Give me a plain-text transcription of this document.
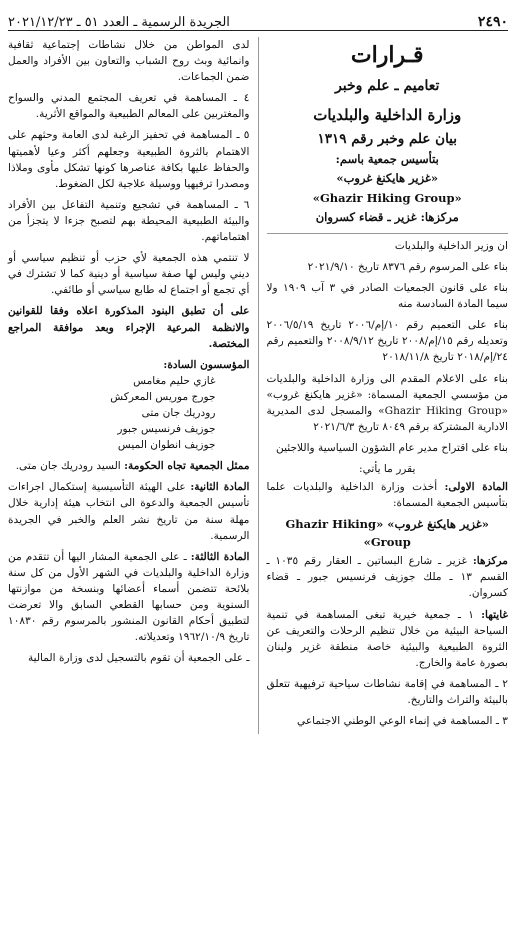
٢٤٩٠
الجريدة الرسمية ـ العدد ٥١ ـ ٢٠٢١/١٢/٢٣
قـرارات
تعاميم ـ علم وخبر
وزارة الداخلية والبلديات
بيان علم وخبر رقم ١٣١٩
بتأسيس جمعية باسم:
«غزير هايكنغ غروب»
«Ghazir Hiking Group»
مركزها: غزير ـ قضاء كسروان

ان وزير الداخلية والبلديات

بناء على المرسوم رقم ٨٣٧٦ تاريخ ٢٠٢١/٩/١٠

بناء على قانون الجمعيات الصادر في ٣ آب ١٩٠٩ ولا سيما المادة السادسة منه

بناء على التعميم رقم ١٠/إم/٢٠٠٦ تاريخ ٢٠٠٦/٥/١٩ وتعديله رقم ١٥/إم/٢٠٠٨ تاريخ ٢٠٠٨/٩/١٢ والتعميم رقم ٢٤/إم/٢٠١٨ تاريخ ٢٠١٨/١١/٨

بناء على الاعلام المقدم الى وزارة الداخلية والبلديات من مؤسسي الجمعية المسماة: «غزير هايكنغ غروب» «Ghazir Hiking Group» والمسجل لدى المديرية الادارية المشتركة برقم ٨٠٤٩ تاريخ ٢٠٢١/٦/٣

بناء على اقتراح مدير عام الشؤون السياسية واللاجئين

يقرر ما يأتي:

المادة الاولى: أخذت وزارة الداخلية والبلديات علما بتأسيس الجمعية المسماة:

«غزير هايكنغ غروب» «Ghazir Hiking Group»

مركزها: غزير ـ شارع البساتين ـ العقار رقم ١٠٣٥ ـ القسم ١٣ ـ ملك جوزيف فرنسيس جبور ـ قضاء كسروان.

غايتها: ١ ـ جمعية خيرية تبغى المساهمة في تنمية السياحة البيئية من خلال تنظيم الرحلات والتعريف عن الثروة الطبيعية والبيئية خاصة منطقة غزير ولبنان بصورة عامة والخارج.

٢ ـ المساهمة في إقامة نشاطات سياحية ترفيهية تتعلق بالبيئة والتراث والتاريخ.

٣ ـ المساهمة في إنماء الوعي الوطني الاجتماعي

لدى المواطن من خلال نشاطات إجتماعية ثقافية وانمائية وبث روح الشباب والتعاون بين الأفراد والعمل ضمن الجماعات.

٤ ـ المساهمة في تعريف المجتمع المدني والسواح والمغتربين على المعالم الطبيعية والمواقع الأثرية.

٥ ـ المساهمة في تحفيز الرغبة لدى العامة وحثهم على الاهتمام بالثروة الطبيعية وجعلهم أكثر وعيا لأهميتها والحفاظ عليها بكافة عناصرها كونها تشكل مأوى وملاذا ومصدرا ترفيهيا ووسيلة علاجية لكل الضغوط.

٦ ـ المساهمة في تشجيع وتنمية التفاعل بين الأفراد والبيئة الطبيعية المحيطة بهم لتصبح جزءا لا يتجزأ من اهتماماتهم.

لا تنتمي هذه الجمعية لأي حزب أو تنظيم سياسي أو ديني وليس لها صفة سياسية أو دينية كما لا تشترك في أي تجمع أو اجتماع له طابع سياسي أو طائفي.

على أن تطبق البنود المذكورة اعلاه وفقا للقوانين والانظمة المرعية الإجراء وبعد موافقة المراجع المختصة.

المؤسسون السادة:

غازي حليم مغامس
جورج موريس المعركش
رودريك جان متى
جوزيف فرنسيس جبور
جوزيف انطوان الميس

ممثل الجمعية تجاه الحكومة: السيد رودريك جان متى.

المادة الثانية: على الهيئة التأسيسية إستكمال اجراءات تأسيس الجمعية والدعوة الى انتخاب هيئة إدارية خلال مهلة سنة من تاريخ نشر العلم والخبر في الجريدة الرسمية.

المادة الثالثة: ـ على الجمعية المشار اليها أن تتقدم من وزارة الداخلية والبلديات في الشهر الأول من كل سنة بلائحة تتضمن أسماء أعضائها وبنسخة من موازنتها السنوية ومن حسابها القطعي السابق والا تعرضت لتطبيق أحكام القانون المنشور بالمرسوم رقم ١٠٨٣٠ تاريخ ١٩٦٢/١٠/٩ وتعديلاته.

ـ على الجمعية أن تقوم بالتسجيل لدى وزارة المالية
